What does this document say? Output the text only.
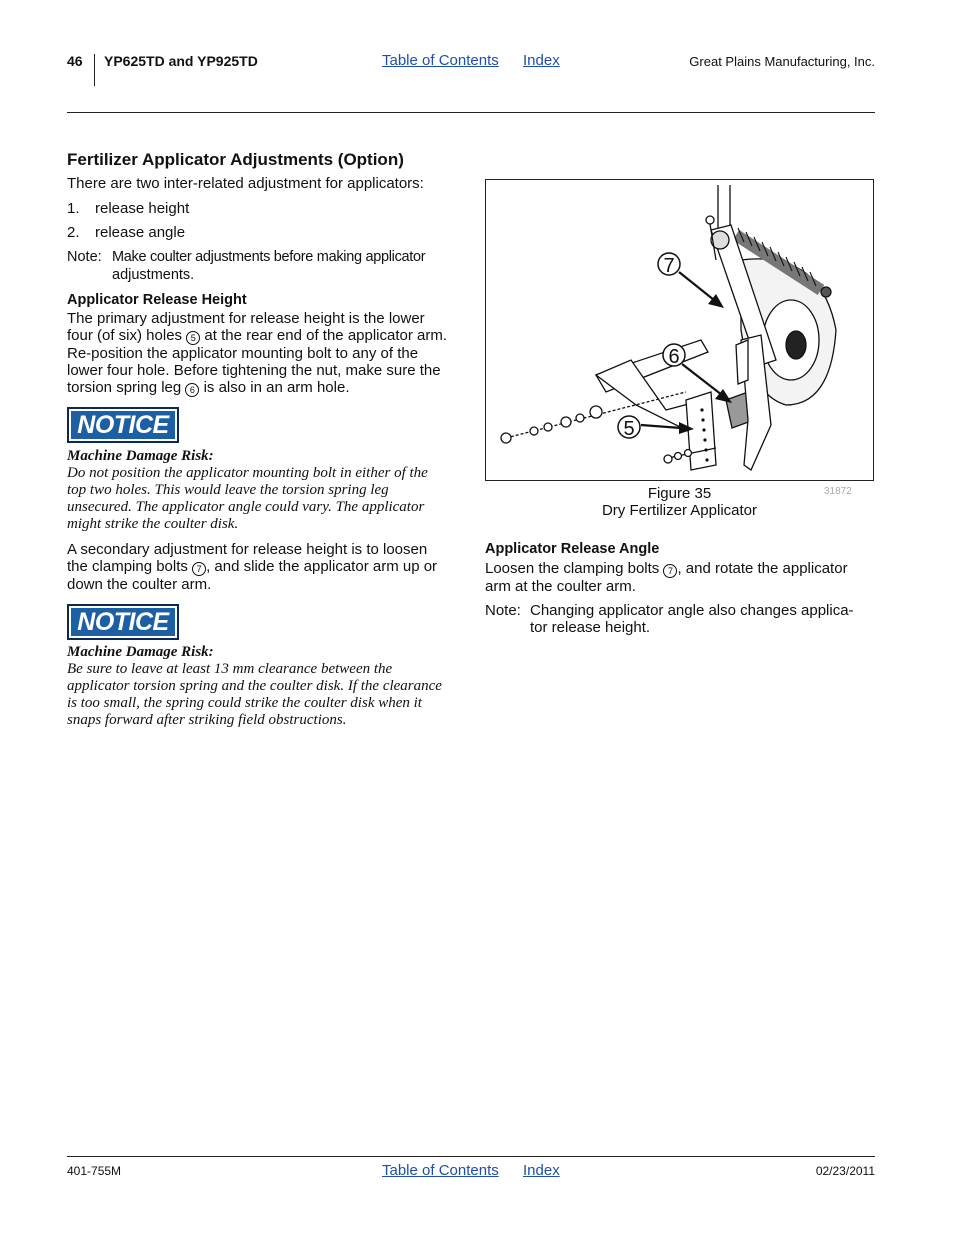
46 YP625TD and YP925TD	Table of Contents Index	Great Plains Manufacturing, Inc.
Fertilizer Applicator Adjustments (Option)
There are two inter-related adjustment for applicators:
1. release height
2. release angle
Note: Make coulter adjustments before making applicator
adjustments.
Applicator Release Height
The primary adjustment for release height is the lower
four (of six) holes 5 at the rear end of the applicator arm.
Re-position the applicator mounting bolt to any of the
lower four hole. Before tightening the nut, make sure the
torsion spring leg 6 is also in an arm hole.
NOTICE
Machine Damage Risk:
Do not position the applicator mounting bolt in either of the
top two holes. This would leave the torsion spring leg
unsecured. The applicator angle could vary. The applicator
might strike the coulter disk.
A secondary adjustment for release height is to loosen
the clamping bolts 7 , and slide the applicator arm up or
down the coulter arm.
NOTICE
Machine Damage Risk:
Be sure to leave at least 13 mm clearance between the
applicator torsion spring and the coulter disk. If the clearance
is too small, the spring could strike the coulter disk when it
snaps forward after striking field obstructions.
7
6
5
Figure 35
Dry Fertilizer Applicator
31872
Applicator Release Angle
Loosen the clamping bolts 7 , and rotate the applicator
arm at the coulter arm.
Note: Changing applicator angle also changes applica-
tor release height.
401-755M	Table of Contents Index	02/23/2011
